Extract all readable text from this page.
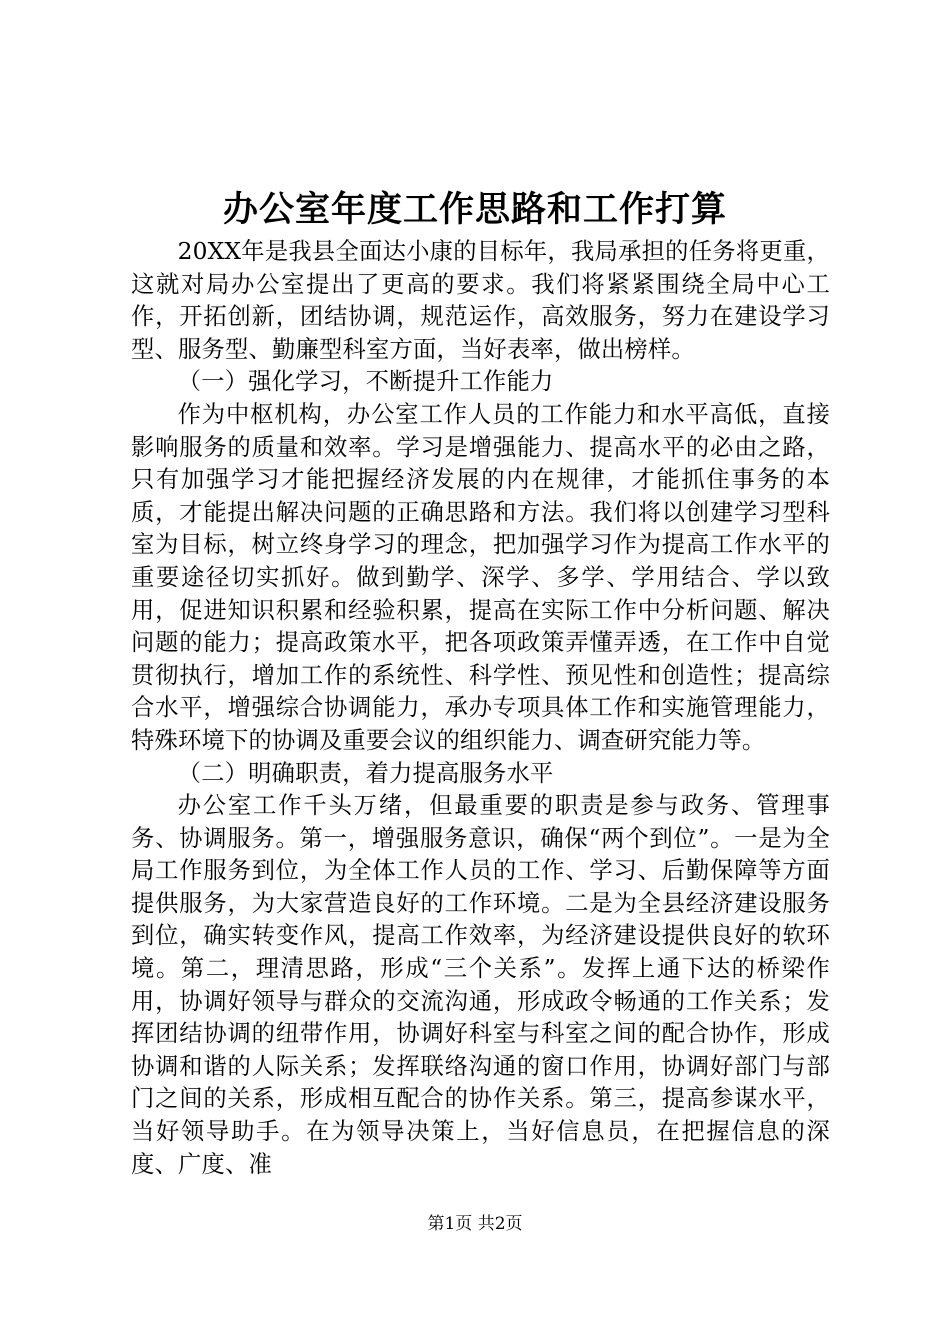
办公室年度工作思路和工作打算

20XX年是我县全面达小康的目标年，我局承担的任务将更重，这就对局办公室提出了更高的要求。我们将紧紧围绕全局中心工作，开拓创新，团结协调，规范运作，高效服务，努力在建设学习型、服务型、勤廉型科室方面，当好表率，做出榜样。

（一）强化学习，不断提升工作能力

作为中枢机构，办公室工作人员的工作能力和水平高低，直接影响服务的质量和效率。学习是增强能力、提高水平的必由之路，只有加强学习才能把握经济发展的内在规律，才能抓住事务的本质，才能提出解决问题的正确思路和方法。我们将以创建学习型科室为目标，树立终身学习的理念，把加强学习作为提高工作水平的重要途径切实抓好。做到勤学、深学、多学、学用结合、学以致用，促进知识积累和经验积累，提高在实际工作中分析问题、解决问题的能力；提高政策水平，把各项政策弄懂弄透，在工作中自觉贯彻执行，增加工作的系统性、科学性、预见性和创造性；提高综合水平，增强综合协调能力，承办专项具体工作和实施管理能力，特殊环境下的协调及重要会议的组织能力、调查研究能力等。

（二）明确职责，着力提高服务水平

办公室工作千头万绪，但最重要的职责是参与政务、管理事务、协调服务。第一，增强服务意识，确保“两个到位”。一是为全局工作服务到位，为全体工作人员的工作、学习、后勤保障等方面提供服务，为大家营造良好的工作环境。二是为全县经济建设服务到位，确实转变作风，提高工作效率，为经济建设提供良好的软环境。第二，理清思路，形成“三个关系”。发挥上通下达的桥梁作用，协调好领导与群众的交流沟通，形成政令畅通的工作关系；发挥团结协调的纽带作用，协调好科室与科室之间的配合协作，形成协调和谐的人际关系；发挥联络沟通的窗口作用，协调好部门与部门之间的关系，形成相互配合的协作关系。第三，提高参谋水平，当好领导助手。在为领导决策上，当好信息员，在把握信息的深度、广度、准

第1页 共2页
